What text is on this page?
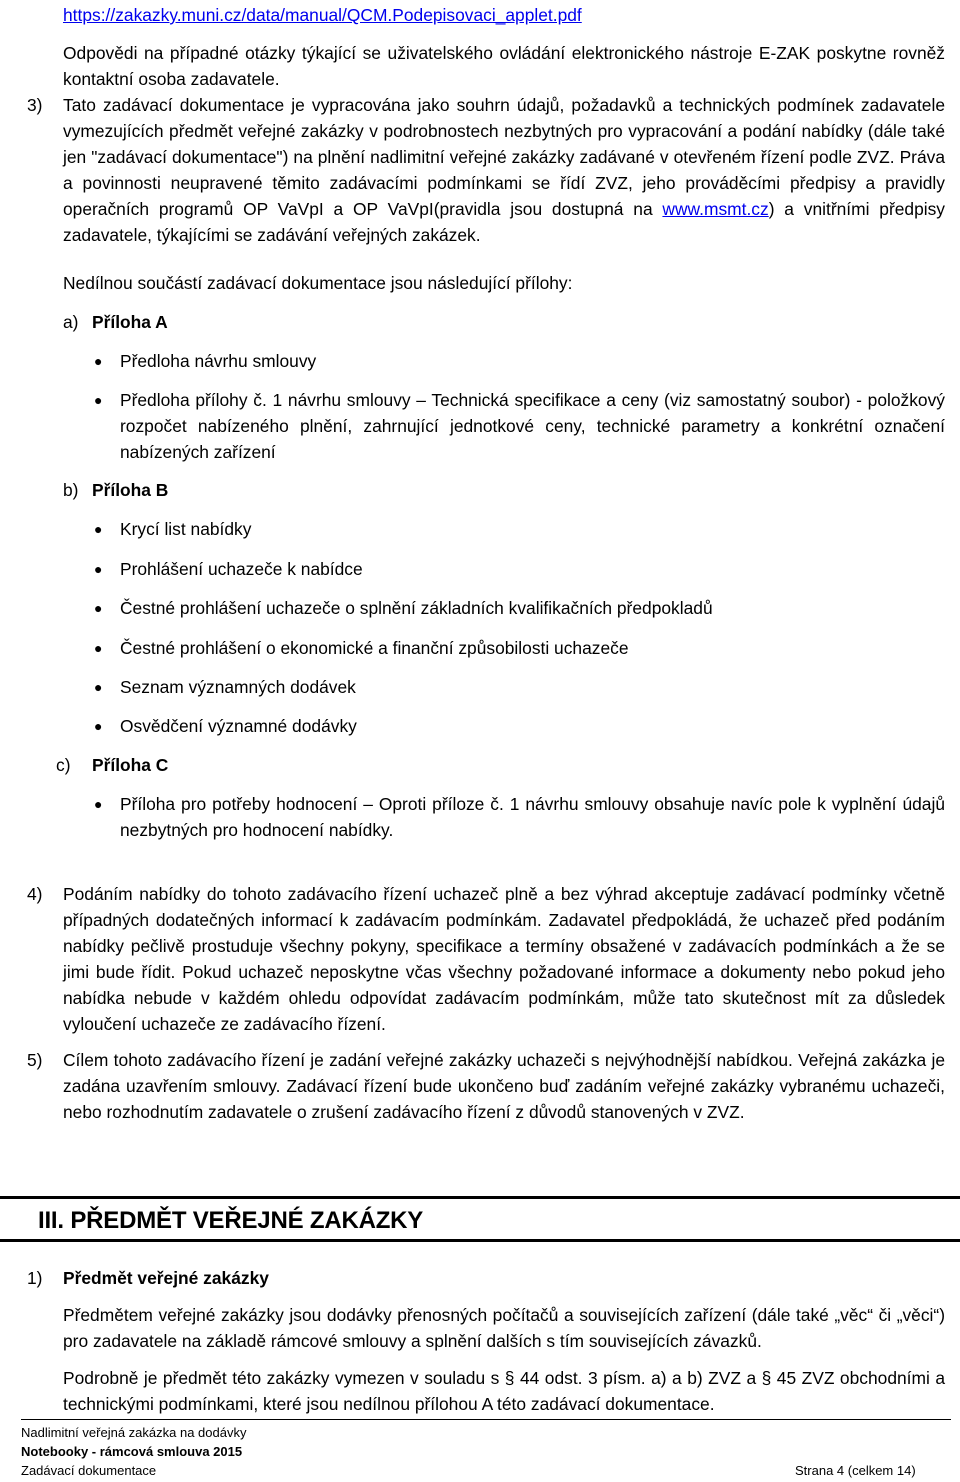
https://zakazky.muni.cz/data/manual/QCM.Podepisovaci_applet.pdf
Odpovědi na případné otázky týkající se uživatelského ovládání elektronického nástroje E-ZAK poskytne rovněž kontaktní osoba zadavatele.
3) Tato zadávací dokumentace je vypracována jako souhrn údajů, požadavků a technických podmínek zadavatele vymezujících předmět veřejné zakázky v podrobnostech nezbytných pro vypracování a podání nabídky (dále také jen "zadávací dokumentace") na plnění nadlimitní veřejné zakázky zadávané v otevřeném řízení podle ZVZ. Práva a povinnosti neupravené těmito zadávacími podmínkami se řídí ZVZ, jeho prováděcími předpisy a pravidly operačních programů OP VaVpI a OP VaVpI(pravidla jsou dostupná na www.msmt.cz) a vnitřními předpisy zadavatele, týkajícími se zadávání veřejných zakázek.
Nedílnou součástí zadávací dokumentace jsou následující přílohy:
a) Příloha A
● Předloha návrhu smlouvy
● Předloha přílohy č. 1 návrhu smlouvy – Technická specifikace a ceny (viz samostatný soubor) - položkový rozpočet nabízeného plnění, zahrnující jednotkové ceny, technické parametry a konkrétní označení nabízených zařízení
b) Příloha B
● Krycí list nabídky
● Prohlášení uchazeče k nabídce
● Čestné prohlášení uchazeče o splnění základních kvalifikačních předpokladů
● Čestné prohlášení o ekonomické a finanční způsobilosti uchazeče
● Seznam významných dodávek
● Osvědčení významné dodávky
c) Příloha C
● Příloha pro potřeby hodnocení – Oproti příloze č. 1 návrhu smlouvy obsahuje navíc pole k vyplnění údajů nezbytných pro hodnocení nabídky.
4) Podáním nabídky do tohoto zadávacího řízení uchazeč plně a bez výhrad akceptuje zadávací podmínky včetně případných dodatečných informací k zadávacím podmínkám. Zadavatel předpokládá, že uchazeč před podáním nabídky pečlivě prostuduje všechny pokyny, specifikace a termíny obsažené v zadávacích podmínkách a že se jimi bude řídit. Pokud uchazeč neposkytne včas všechny požadované informace a dokumenty nebo pokud jeho nabídka nebude v každém ohledu odpovídat zadávacím podmínkám, může tato skutečnost mít za důsledek vyloučení uchazeče ze zadávacího řízení.
5) Cílem tohoto zadávacího řízení je zadání veřejné zakázky uchazeči s nejvýhodnější nabídkou. Veřejná zakázka je zadána uzavřením smlouvy. Zadávací řízení bude ukončeno buď zadáním veřejné zakázky vybranému uchazeči, nebo rozhodnutím zadavatele o zrušení zadávacího řízení z důvodů stanovených v ZVZ.
III. PŘEDMĚT VEŘEJNÉ ZAKÁZKY
1) Předmět veřejné zakázky
Předmětem veřejné zakázky jsou dodávky přenosných počítačů a souvisejících zařízení (dále také „věc“ či „věci“) pro zadavatele na základě rámcové smlouvy a splnění dalších s tím souvisejících závazků.
Podrobně je předmět této zakázky vymezen v souladu s § 44 odst. 3 písm. a) a b) ZVZ a § 45 ZVZ obchodními a technickými podmínkami, které jsou nedílnou přílohou A této zadávací dokumentace.
Nadlimitní veřejná zakázka na dodávky
Notebooky - rámcová smlouva 2015
Zadávací dokumentace	Strana 4 (celkem 14)
